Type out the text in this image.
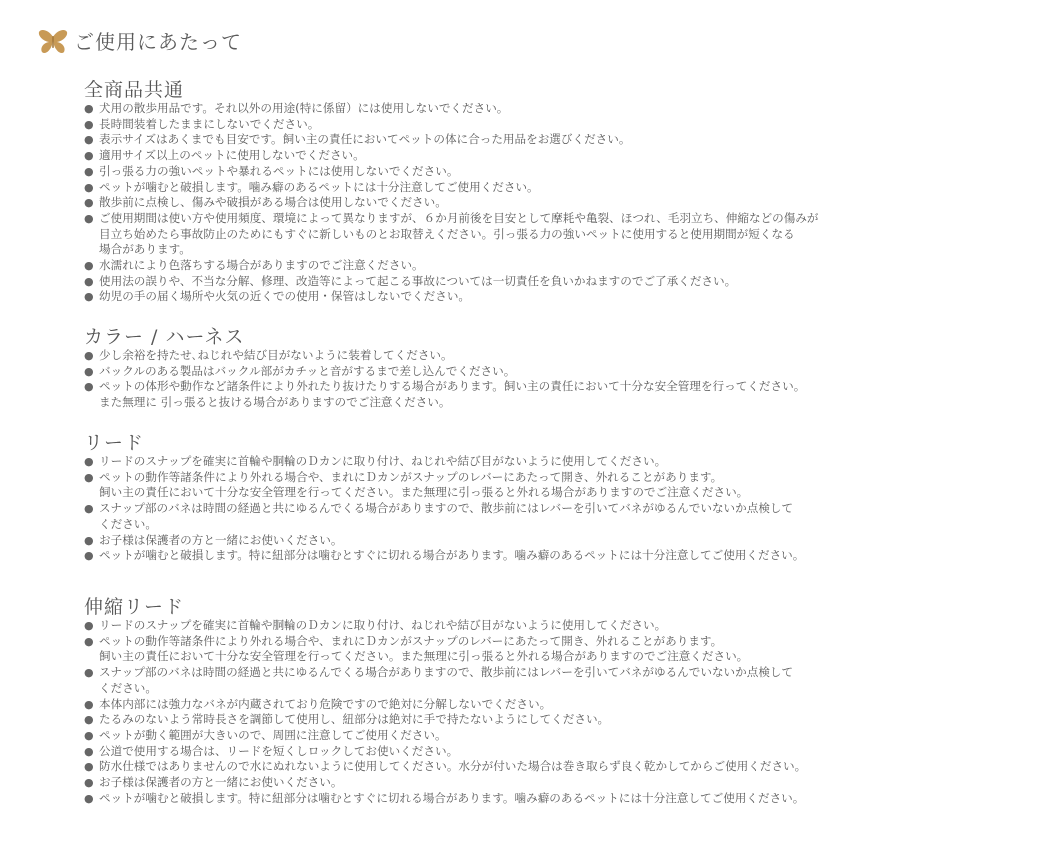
ご使用にあたって
全商品共通
● 犬用の散歩用品です。それ以外の用途(特に係留）には使用しないでください。
● 長時間装着したままにしないでください。
● 表示サイズはあくまでも目安です。飼い主の責任においてペットの体に合った用品をお選びください。
● 適用サイズ以上のペットに使用しないでください。
● 引っ張る力の強いペットや暴れるペットには使用しないでください。
● ペットが噛むと破損します。噛み癖のあるペットには十分注意してご使用ください。
● 散歩前に点検し、傷みや破損がある場合は使用しないでください。
● ご使用期間は使い方や使用頻度、環境によって異なりますが、６か月前後を目安として摩耗や亀裂、ほつれ、毛羽立ち、伸縮などの傷みが
目立ち始めたら事故防止のためにもすぐに新しいものとお取替えください。引っ張る力の強いペットに使用すると使用期間が短くなる
場合があります。
● 水濡れにより色落ちする場合がありますのでご注意ください。
● 使用法の誤りや、不当な分解、修理、改造等によって起こる事故については一切責任を負いかねますのでご了承ください。
● 幼児の手の届く場所や火気の近くでの使用・保管はしないでください。
カラー / ハーネス
● 少し余裕を持たせ､ねじれや結び目がないように装着してください。
● バックルのある製品はバックル部がカチッと音がするまで差し込んでください。
● ペットの体形や動作など諸条件により外れたり抜けたりする場合があります。飼い主の責任において十分な安全管理を行ってください。
また無理に 引っ張ると抜ける場合がありますのでご注意ください。
リード
● リードのスナップを確実に首輪や胴輪のＤカンに取り付け、ねじれや結び目がないように使用してください。
● ペットの動作等諸条件により外れる場合や、まれにＤカンがスナップのレバーにあたって開き、外れることがあります。
飼い主の責任において十分な安全管理を行ってください。また無理に引っ張ると外れる場合がありますのでご注意ください。
● スナップ部のバネは時間の経過と共にゆるんでくる場合がありますので、散歩前にはレバーを引いてバネがゆるんでいないか点検して
ください。
● お子様は保護者の方と一緒にお使いください。
● ペットが噛むと破損します。特に紐部分は噛むとすぐに切れる場合があります。噛み癖のあるペットには十分注意してご使用ください。
伸縮リード
● リードのスナップを確実に首輪や胴輪のＤカンに取り付け、ねじれや結び目がないように使用してください。
● ペットの動作等諸条件により外れる場合や、まれにＤカンがスナップのレバーにあたって開き、外れることがあります。
飼い主の責任において十分な安全管理を行ってください。また無理に引っ張ると外れる場合がありますのでご注意ください。
● スナップ部のバネは時間の経過と共にゆるんでくる場合がありますので、散歩前にはレバーを引いてバネがゆるんでいないか点検して
ください。
● 本体内部には強力なバネが内蔵されており危険ですので絶対に分解しないでください。
● たるみのないよう常時長さを調節して使用し、紐部分は絶対に手で持たないようにしてください。
● ペットが動く範囲が大きいので、周囲に注意してご使用ください。
● 公道で使用する場合は、リードを短くしロックしてお使いください。
● 防水仕様ではありませんので水にぬれないように使用してください。水分が付いた場合は巻き取らず良く乾かしてからご使用ください。
● お子様は保護者の方と一緒にお使いください。
● ペットが噛むと破損します。特に紐部分は噛むとすぐに切れる場合があります。噛み癖のあるペットには十分注意してご使用ください。
